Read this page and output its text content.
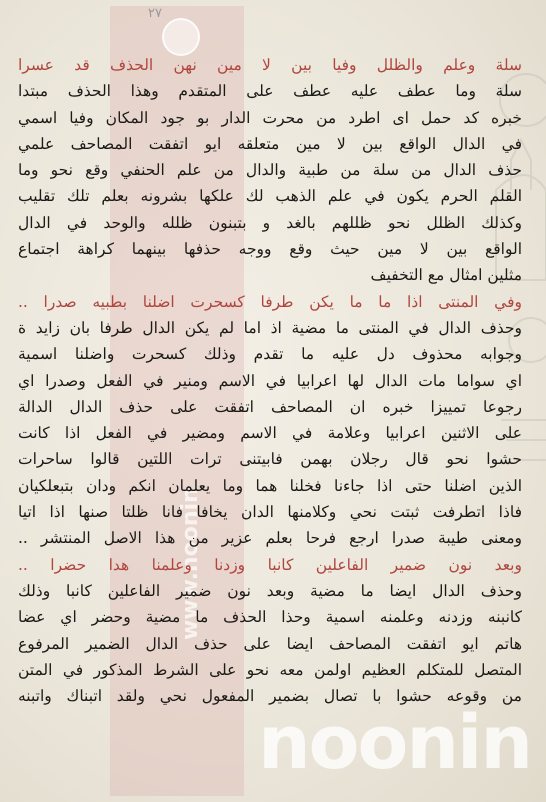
٢٧
www.noonin
سلة وعلم والظلل وفيا بين لا مين نهن الحذف قد عسرا
سلة وما عطف عليه عطف على المتقدم وهذا الحذف مبتدا
خبره كد حمل اى اطرد من محرت الدار بو جود المكان وفيا اسمي
في الدال الواقع بين لا مين متعلقه ايو اتفقت المصاحف علمي
حذف الدال من سلة من طبية والدال من علم الحنفي وقع نحو وما
القلم الحرم يكون في علم الذهب لك علكها بشرونه بعلم تلك تقليب
وكذلك الظلل نحو ظللهم بالغد و بتبنون ظلله والوحد في الدال
الواقع بين لا مين حيث وقع ووجه حذفها بينهما كراهة اجتماع
مثلين امثال مع التخفيف
وفي المنتى اذا ما ما يكن طرفا كسحرت اضلنا بطبيه صدرا ..
وحذف الدال في المنتى ما مضية اذ اما لم يكن الدال طرفا بان زايد ة
وجوابه محذوف دل عليه ما تقدم وذلك كسحرت واضلنا اسمية
اي سواما مات الدال لها اعرابيا في الاسم ومنير في الفعل وصدرا اي
رجوعا تمييزا خبره ان المصاحف اتفقت على حذف الدال الدالة
على الاثنين اعرابيا وعلامة في الاسم ومضير في الفعل اذا كانت
حشوا نحو قال رجلان بهمن فابيتنى ترات اللتين قالوا ساحرات
الذين اضلنا حتى اذا جاءنا فخلنا هما وما يعلمان انكم ودان بتبعلكيان
فاذا اتطرفت ثبتت نحي وكلامنها الدان يخافا فانا ظلتا صنها اذا اتيا
ومعنى طيبة صدرا ارجع فرحا بعلم عزير من هذا الاصل المنتشر ..
وبعد نون ضمير الفاعلين كانبا وزدنا وعلمنا هدا حضرا ..
وحذف الدال ايضا ما مضية وبعد نون ضمير الفاعلين كانبا وذلك
كانبنه وزدنه وعلمنه اسمية وحذا الحذف ما مضية وحضر اي عضا
هاتم ايو اتفقت المصاحف ايضا على حذف الدال الضمير المرفوع
المتصل للمتكلم العظيم اولمن معه نحو على الشرط المذكور في المتن
من وقوعه حشوا با تصال بضمير المفعول نحي ولقد اتبناك واتبنه
noonin
